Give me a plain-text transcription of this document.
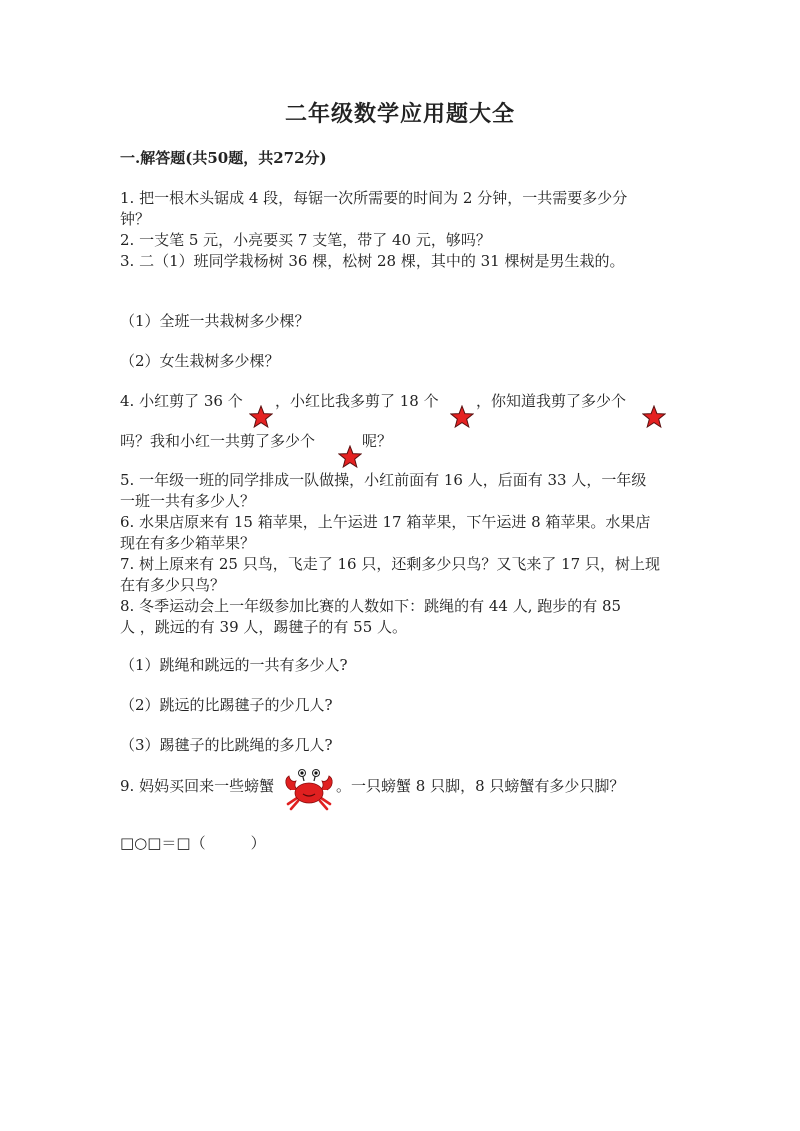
二年级数学应用题大全
一.解答题(共50题，共272分)
1. 把一根木头锯成 4 段，每锯一次所需要的时间为 2 分钟，一共需要多少分
钟？
2. 一支笔 5 元，小亮要买 7 支笔，带了 40 元，够吗？
3. 二（1）班同学栽杨树 36 棵，松树 28 棵，其中的 31 棵树是男生栽的。
（1）全班一共栽树多少棵？
（2）女生栽树多少棵？
4. 小红剪了 36 个 ，小红比我多剪了 18 个 ，你知道我剪了多少个
吗？我和小红一共剪了多少个	呢？
5. 一年级一班的同学排成一队做操，小红前面有 16 人，后面有 33 人，一年级
一班一共有多少人？
6. 水果店原来有 15 箱苹果，上午运进 17 箱苹果，下午运进 8 箱苹果。水果店
现在有多少箱苹果？
7. 树上原来有 25 只鸟，飞走了 16 只，还剩多少只鸟？又飞来了 17 只，树上现
在有多少只鸟？
8. 冬季运动会上一年级参加比赛的人数如下：跳绳的有 44 人, 跑步的有 85
人 ，跳远的有 39 人，踢毽子的有 55 人。
（1）跳绳和跳远的一共有多少人?
（2）跳远的比踢毽子的少几人?
（3）踢毽子的比跳绳的多几人?
9. 妈妈买回来一些螃蟹	。一只螃蟹 8 只脚，8 只螃蟹有多少只脚？
□○□＝□（　　　）
